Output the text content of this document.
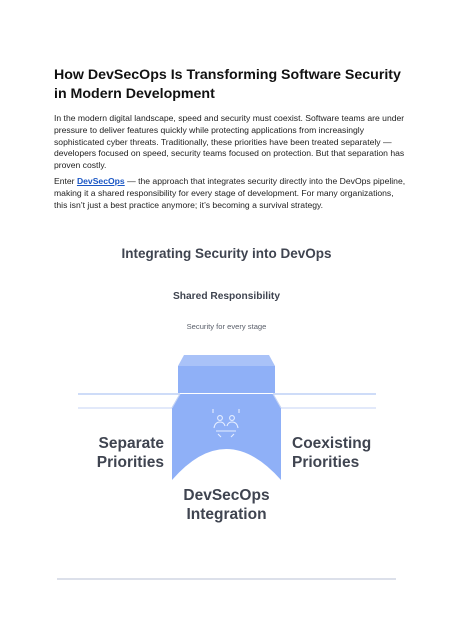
How DevSecOps Is Transforming Software Security in Modern Development

In the modern digital landscape, speed and security must coexist. Software teams are under pressure to deliver features quickly while protecting applications from increasingly sophisticated cyber threats. Traditionally, these priorities have been treated separately — developers focused on speed, security teams focused on protection. But that separation has proven costly.

Enter DevSecOps — the approach that integrates security directly into the DevOps pipeline, making it a shared responsibility for every stage of development. For many organizations, this isn’t just a best practice anymore; it’s becoming a survival strategy.

Integrating Security into DevOps
Shared Responsibility
Security for every stage
Separate Priorities
Coexisting Priorities
DevSecOps Integration
